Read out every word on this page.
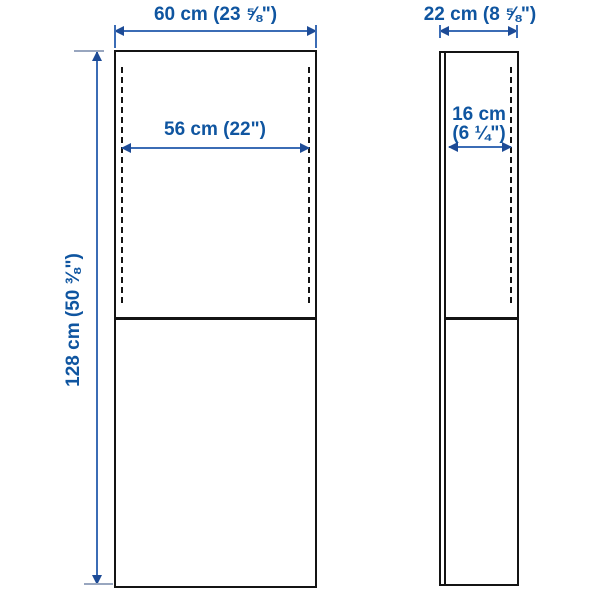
60 cm (23 ⅝")	22 cm (8 ⅝")
56 cm (22")
16 cm
(6 ¼")
128 cm (50 ⅜")
